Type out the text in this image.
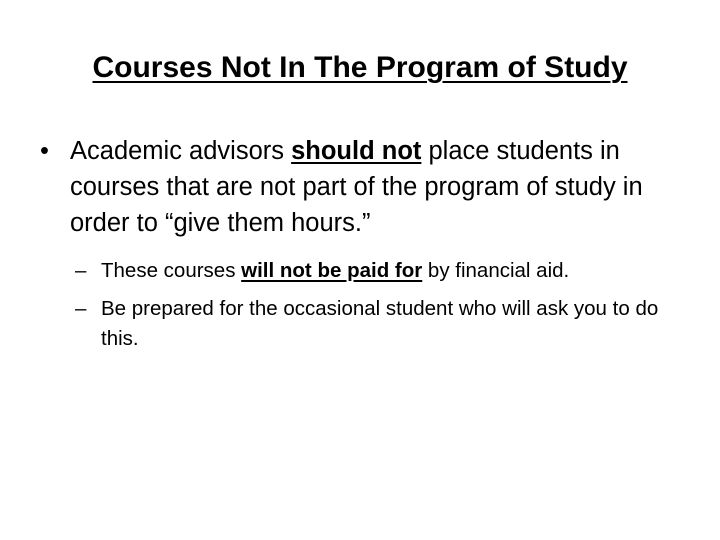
Courses Not In The Program of Study
• Academic advisors should not place students in courses that are not part of the program of study in order to “give them hours.”
– These courses will not be paid for by financial aid.
– Be prepared for the occasional student who will ask you to do this.
